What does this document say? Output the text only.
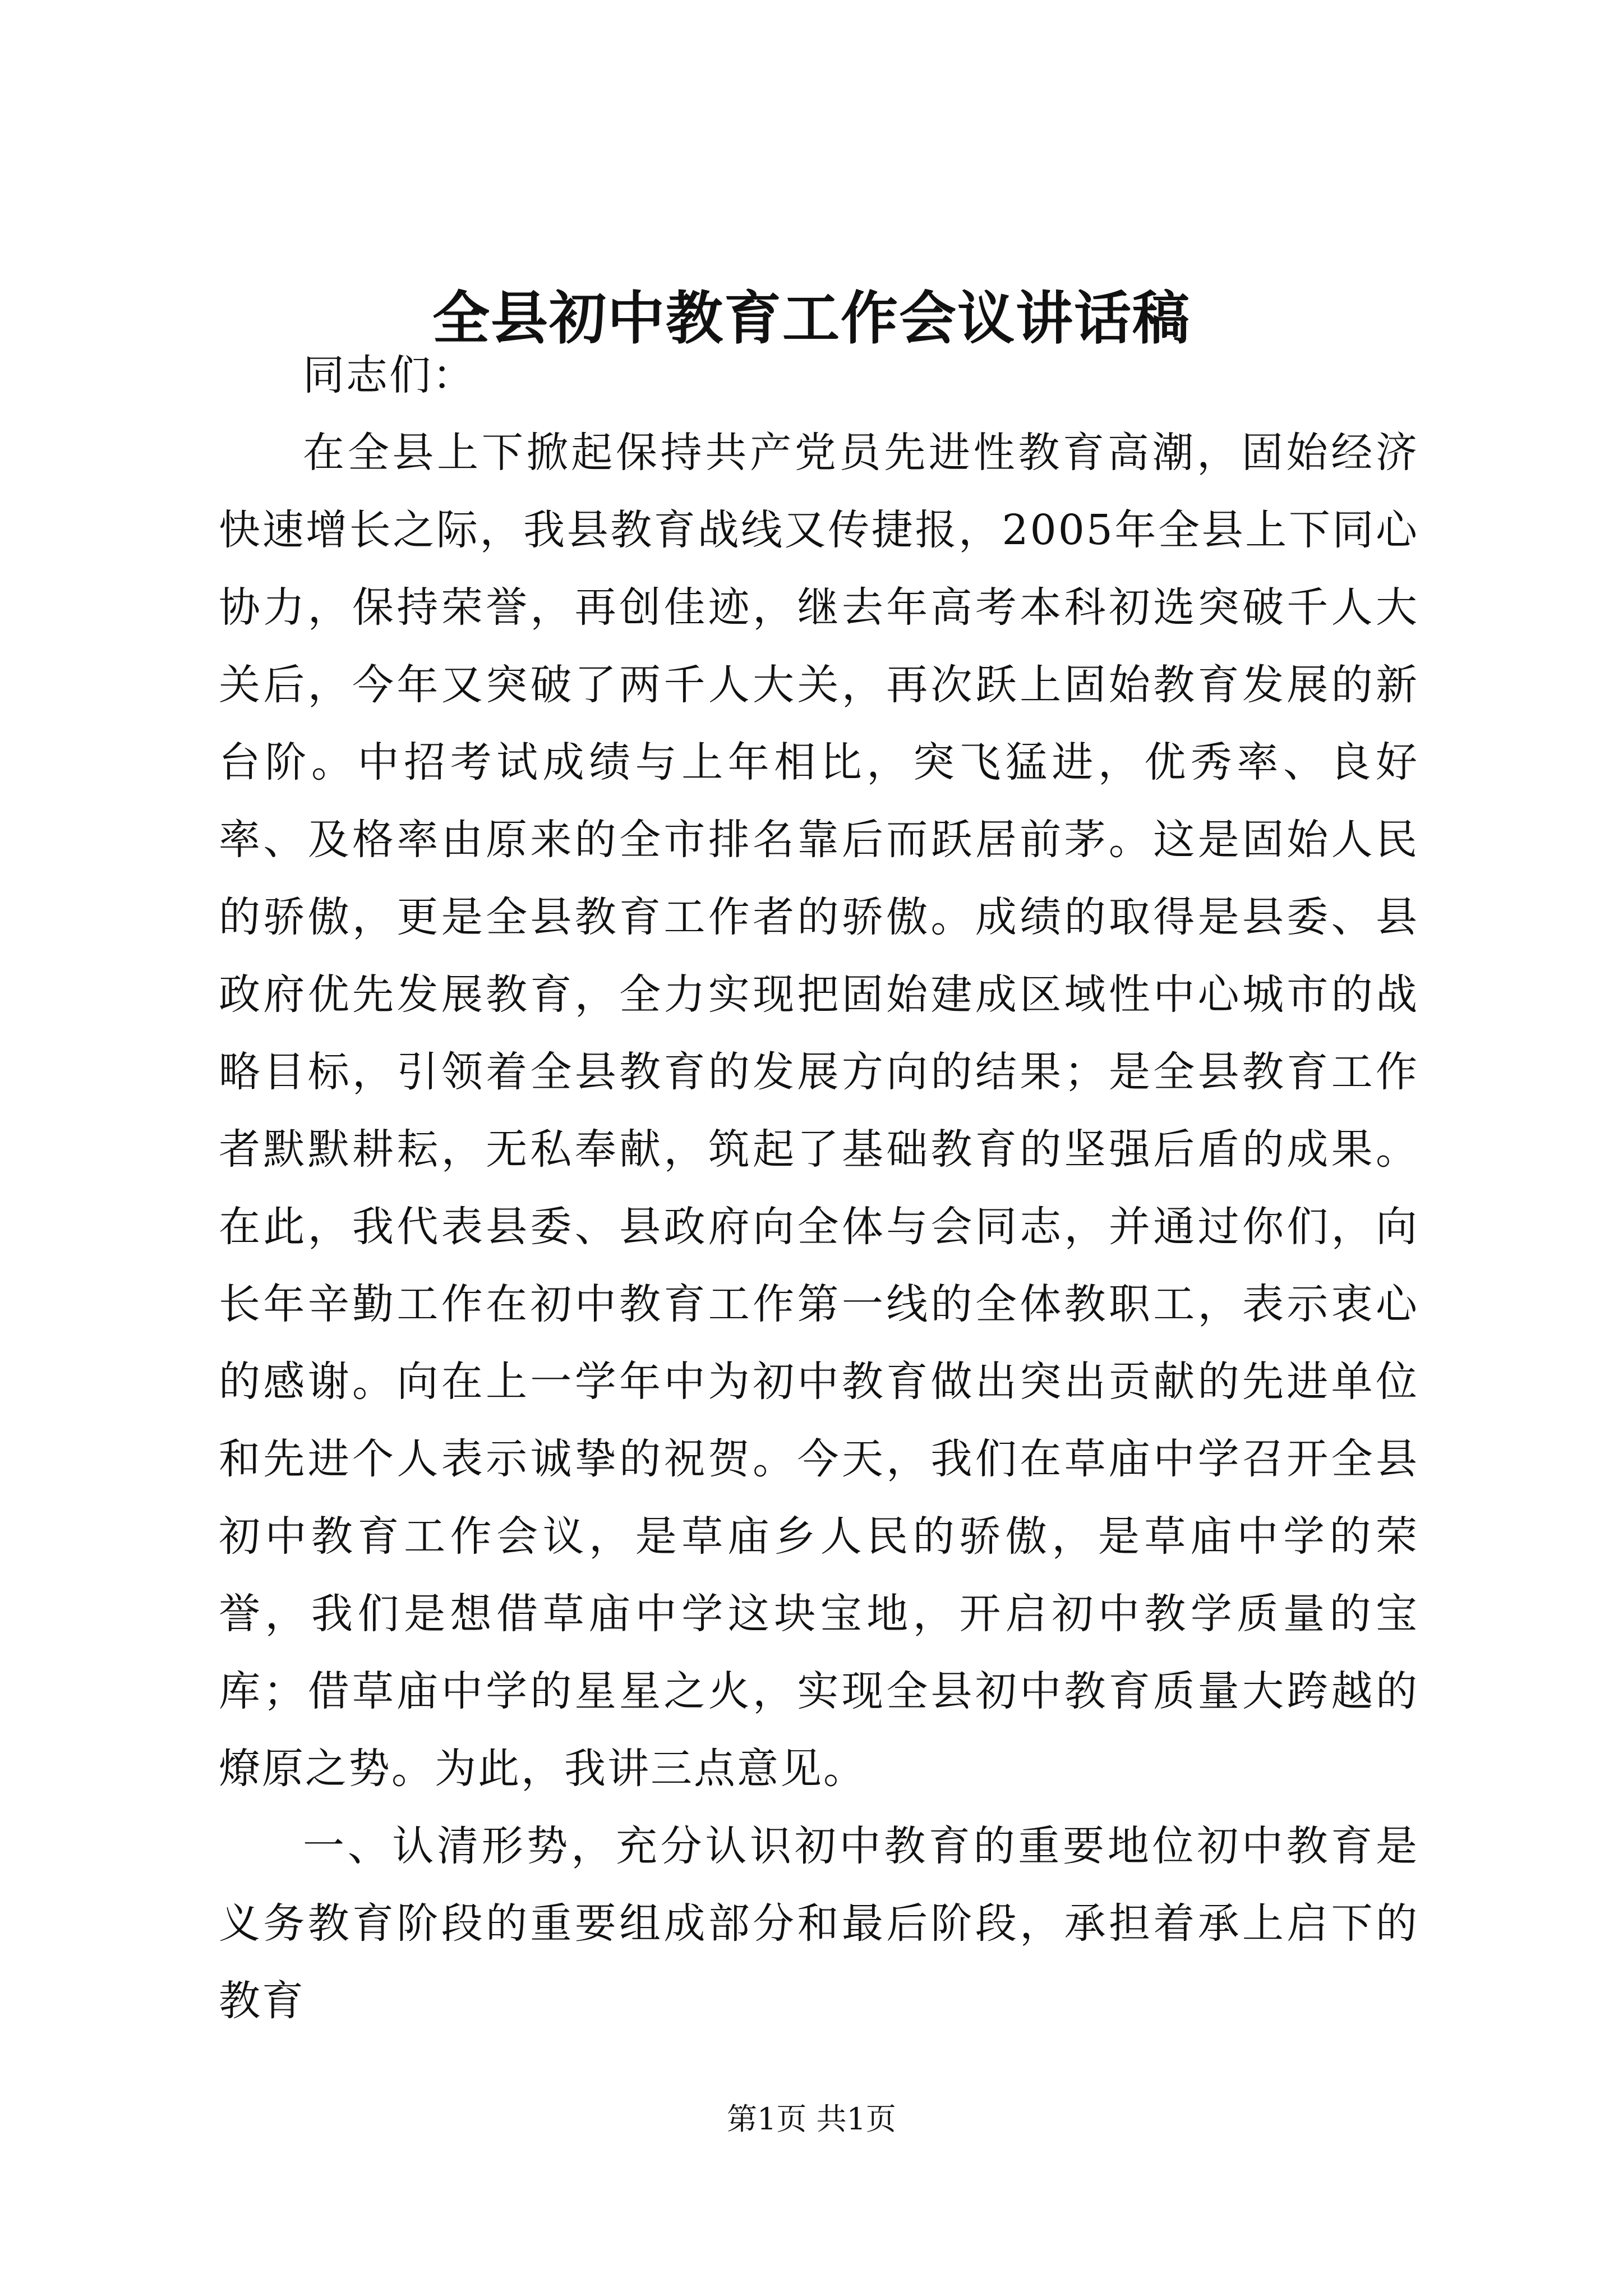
全县初中教育工作会议讲话稿

同志们：

在全县上下掀起保持共产党员先进性教育高潮，固始经济快速增长之际，我县教育战线又传捷报，2005年全县上下同心协力，保持荣誉，再创佳迹，继去年高考本科初选突破千人大关后，今年又突破了两千人大关，再次跃上固始教育发展的新台阶。中招考试成绩与上年相比，突飞猛进，优秀率、良好率、及格率由原来的全市排名靠后而跃居前茅。这是固始人民的骄傲，更是全县教育工作者的骄傲。成绩的取得是县委、县政府优先发展教育，全力实现把固始建成区域性中心城市的战略目标，引领着全县教育的发展方向的结果；是全县教育工作者默默耕耘，无私奉献，筑起了基础教育的坚强后盾的成果。在此，我代表县委、县政府向全体与会同志，并通过你们，向长年辛勤工作在初中教育工作第一线的全体教职工，表示衷心的感谢。向在上一学年中为初中教育做出突出贡献的先进单位和先进个人表示诚挚的祝贺。今天，我们在草庙中学召开全县初中教育工作会议，是草庙乡人民的骄傲，是草庙中学的荣誉，我们是想借草庙中学这块宝地，开启初中教学质量的宝库；借草庙中学的星星之火，实现全县初中教育质量大跨越的燎原之势。为此，我讲三点意见。

一、认清形势，充分认识初中教育的重要地位初中教育是义务教育阶段的重要组成部分和最后阶段，承担着承上启下的教育

第1页 共1页
